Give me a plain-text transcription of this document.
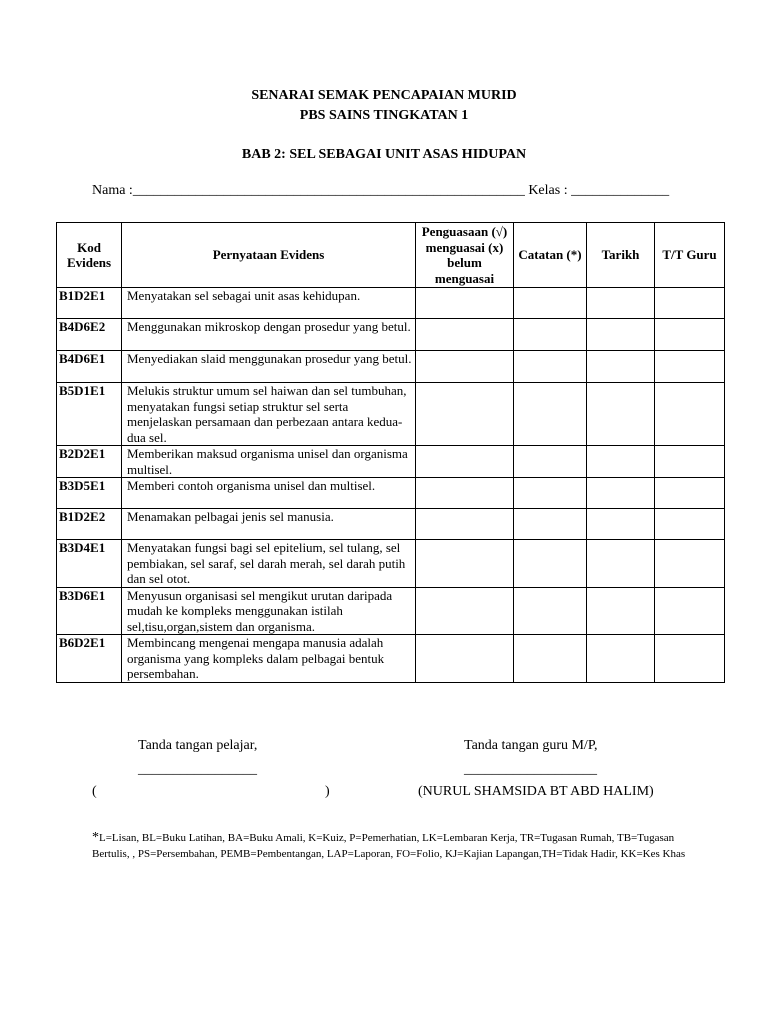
SENARAI SEMAK PENCAPAIAN MURID
PBS SAINS TINGKATAN 1
BAB 2: SEL SEBAGAI UNIT ASAS HIDUPAN
Nama :________________________________________________________ Kelas : ______________
Kod Evidens	Pernyataan Evidens	Penguasaan (√) menguasai (x) belum menguasai	Catatan (*)	Tarikh	T/T Guru
B1D2E1	Menyatakan sel sebagai unit asas kehidupan.				
B4D6E2	Menggunakan mikroskop dengan prosedur yang betul.				
B4D6E1	Menyediakan slaid menggunakan prosedur yang betul.				
B5D1E1	Melukis struktur umum sel haiwan dan sel tumbuhan, menyatakan fungsi setiap struktur sel serta menjelaskan persamaan dan perbezaan antara kedua-dua sel.				
B2D2E1	Memberikan maksud organisma unisel dan organisma multisel.				
B3D5E1	Memberi contoh organisma unisel dan multisel.				
B1D2E2	Menamakan pelbagai jenis sel manusia.				
B3D4E1	Menyatakan fungsi bagi sel epitelium, sel tulang, sel pembiakan, sel saraf, sel darah merah, sel darah putih dan sel otot.				
B3D6E1	Menyusun organisasi sel mengikut urutan daripada mudah ke kompleks menggunakan istilah sel,tisu,organ,sistem dan organisma.				
B6D2E1	Membincang mengenai mengapa manusia adalah organisma yang kompleks dalam pelbagai bentuk persembahan.				
Tanda tangan pelajar,	Tanda tangan guru M/P,
_________________	___________________
(	)	(NURUL SHAMSIDA BT ABD HALIM)
*L=Lisan, BL=Buku Latihan, BA=Buku Amali, K=Kuiz, P=Pemerhatian, LK=Lembaran Kerja, TR=Tugasan Rumah, TB=Tugasan Bertulis, , PS=Persembahan, PEMB=Pembentangan, LAP=Laporan, FO=Folio, KJ=Kajian Lapangan,TH=Tidak Hadir, KK=Kes Khas
